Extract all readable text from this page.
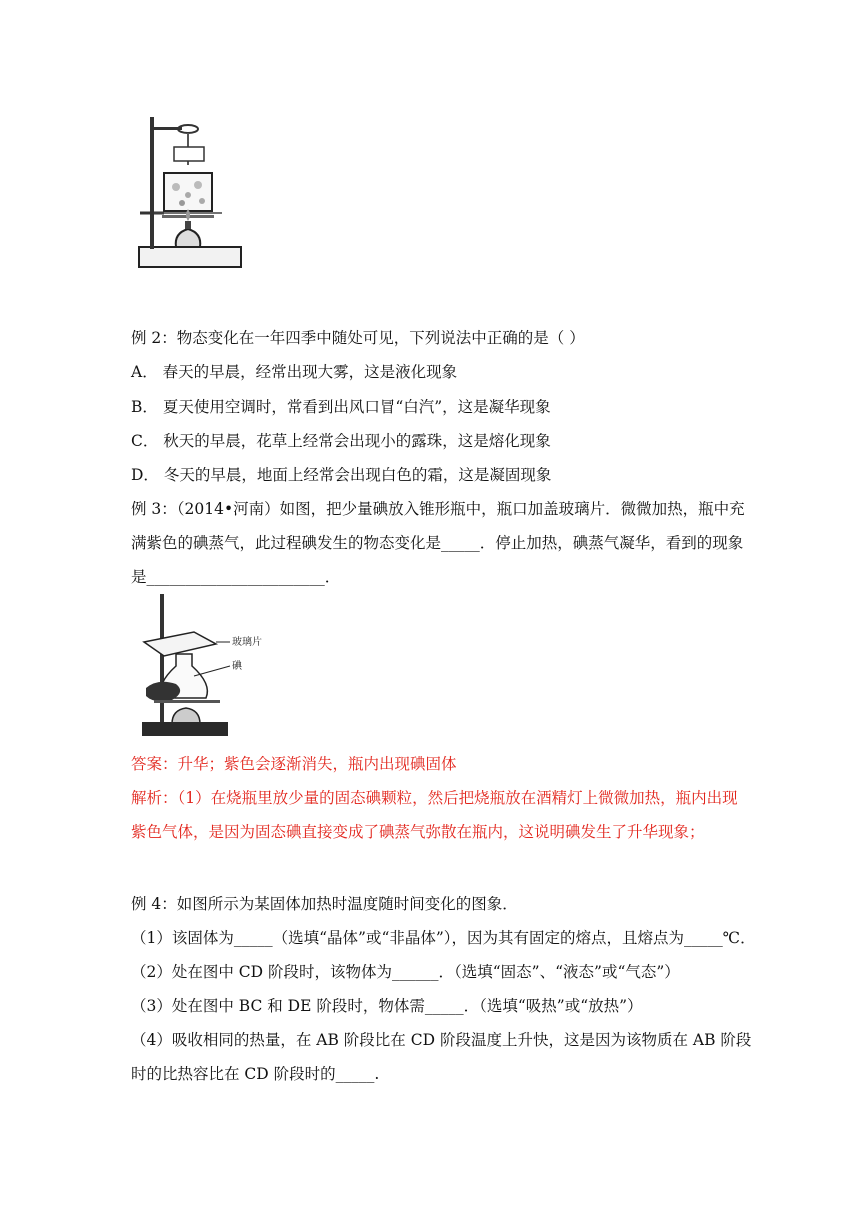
例 2：物态变化在一年四季中随处可见，下列说法中正确的是（ ）
A． 春天的早晨，经常出现大雾，这是液化现象
B． 夏天使用空调时，常看到出风口冒“白汽”，这是凝华现象
C． 秋天的早晨，花草上经常会出现小的露珠，这是熔化现象
D． 冬天的早晨，地面上经常会出现白色的霜，这是凝固现象
例 3：（2014•河南）如图，把少量碘放入锥形瓶中，瓶口加盖玻璃片．微微加热，瓶中充
满紫色的碘蒸气，此过程碘发生的物态变化是_____．停止加热，碘蒸气凝华，看到的现象
是_______________________．
玻璃片
碘
答案：升华；紫色会逐渐消失，瓶内出现碘固体
解析：（1）在烧瓶里放少量的固态碘颗粒，然后把烧瓶放在酒精灯上微微加热，瓶内出现
紫色气体，是因为固态碘直接变成了碘蒸气弥散在瓶内，这说明碘发生了升华现象；
例 4：如图所示为某固体加热时温度随时间变化的图象．
（1）该固体为_____（选填“晶体”或“非晶体”），因为其有固定的熔点，且熔点为_____℃．
（2）处在图中 CD 阶段时，该物体为______．（选填“固态”、“液态”或“气态”）
（3）处在图中 BC 和 DE 阶段时，物体需_____．（选填“吸热”或“放热”）
（4）吸收相同的热量，在 AB 阶段比在 CD 阶段温度上升快，这是因为该物质在 AB 阶段
时的比热容比在 CD 阶段时的_____.
